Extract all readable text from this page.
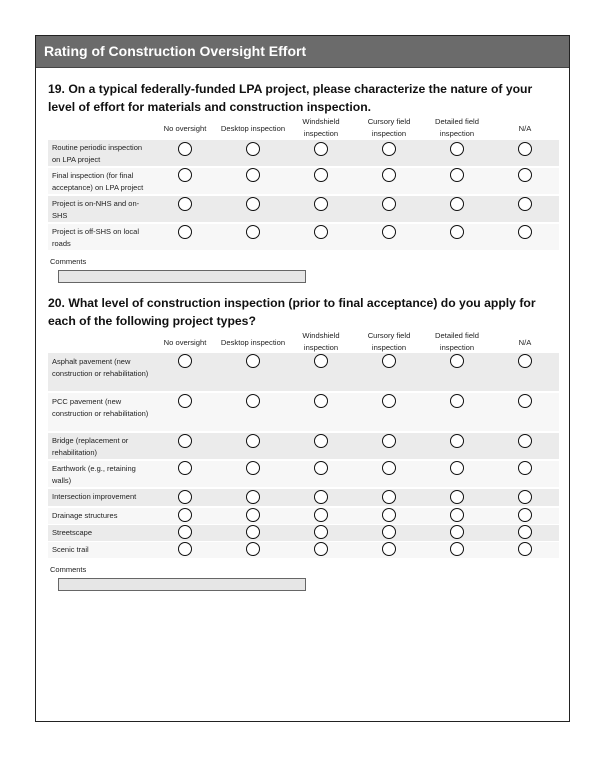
Rating of Construction Oversight Effort
19. On a typical federally-funded LPA project, please characterize the nature of your level of effort for materials and construction inspection.
No oversight	Desktop inspection
Windshield inspection
Cursory field inspection
Detailed field inspection
N/A
Routine periodic inspection on LPA project
Final inspection (for final acceptance) on LPA project
Project is on-NHS and on-SHS
Project is off-SHS on local roads
Comments
20. What level of construction inspection (prior to final acceptance) do you apply for each of the following project types?
No oversight	Desktop inspection
Windshield inspection
Cursory field inspection
Detailed field inspection
N/A
Asphalt pavement (new construction or rehabilitation)
PCC pavement (new construction or rehabilitation)
Bridge (replacement or rehabilitation)
Earthwork (e.g., retaining walls)
Intersection improvement
Drainage structures
Streetscape
Scenic trail
Comments
